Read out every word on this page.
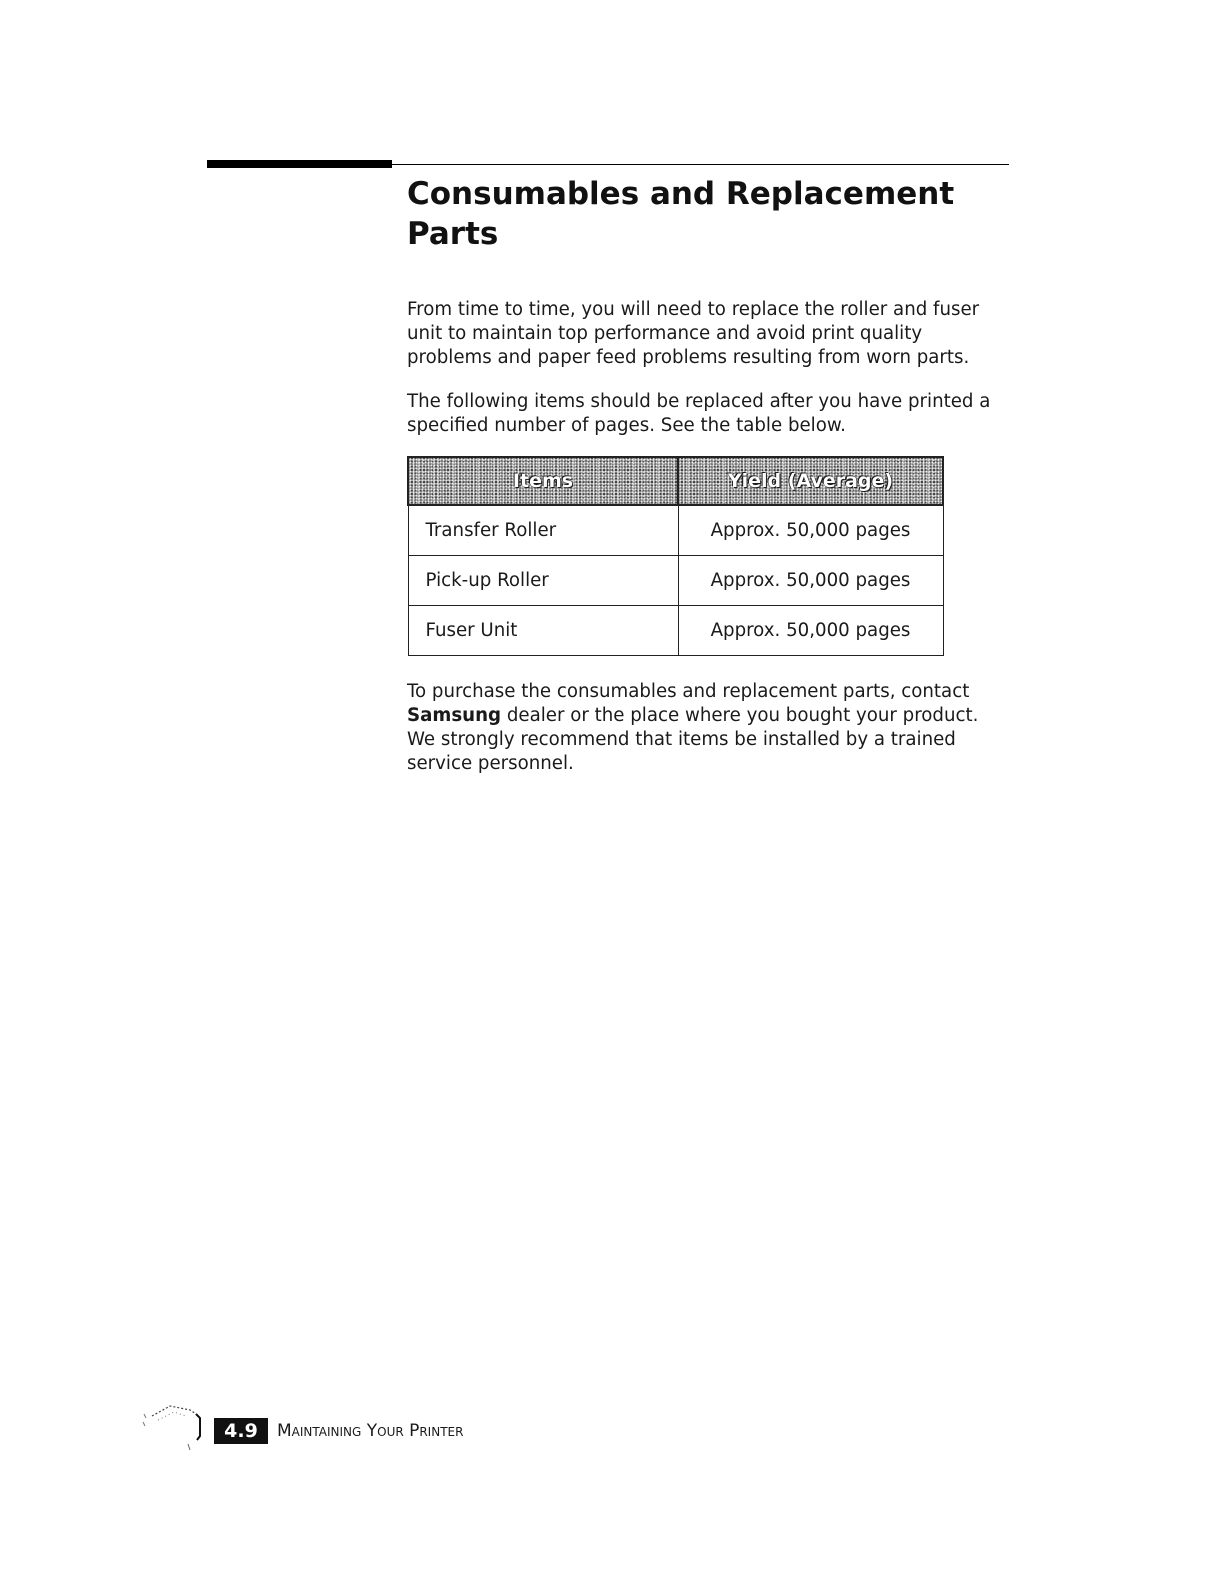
Consumables and Replacement Parts

From time to time, you will need to replace the roller and fuser unit to maintain top performance and avoid print quality problems and paper feed problems resulting from worn parts.

The following items should be replaced after you have printed a specified number of pages. See the table below.

Items	Yield (Average)
Transfer Roller	Approx. 50,000 pages
Pick-up Roller	Approx. 50,000 pages
Fuser Unit	Approx. 50,000 pages

To purchase the consumables and replacement parts, contact Samsung dealer or the place where you bought your product. We strongly recommend that items be installed by a trained service personnel.

4.9	Maintaining Your Printer
